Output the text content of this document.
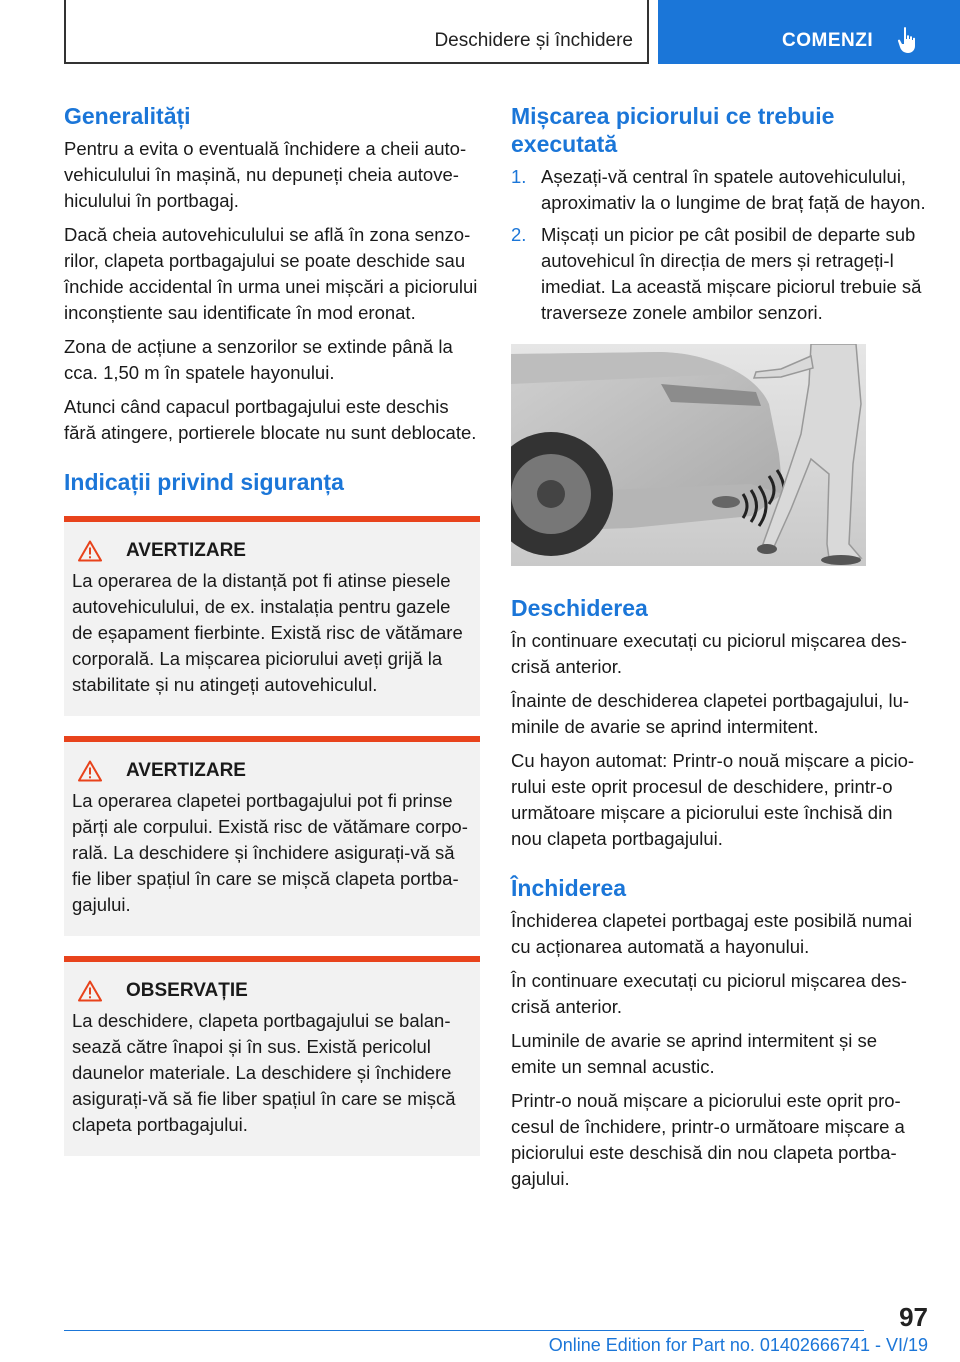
Deschidere și închidere	COMENZI
Generalități

Pentru a evita o eventuală închidere a cheii autovehiculului în mașină, nu depuneți cheia autovehiculului în portbagaj.

Dacă cheia autovehiculului se află în zona senzorilor, clapeta portbagajului se poate deschide sau închide accidental în urma unei mișcări a piciorului inconștiente sau identificate în mod eronat.

Zona de acțiune a senzorilor se extinde până la cca. 1,50 m în spatele hayonului.

Atunci când capacul portbagajului este deschis fără atingere, portierele blocate nu sunt deblocate.

Indicații privind siguranța
AVERTIZARE

La operarea de la distanță pot fi atinse piesele autovehiculului, de ex. instalația pentru gazele de eșapament fierbinte. Există risc de vătămare corporală. La mișcarea piciorului aveți grijă la stabilitate și nu atingeți autovehiculul.

AVERTIZARE

La operarea clapetei portbagajului pot fi prinse părți ale corpului. Există risc de vătămare corporală. La deschidere și închidere asigurați-vă să fie liber spațiul în care se mișcă clapeta portbagajului.

OBSERVAȚIE

La deschidere, clapeta portbagajului se balansează către înapoi și în sus. Există pericolul daunelor materiale. La deschidere și închidere asigurați-vă să fie liber spațiul în care se mișcă clapeta portbagajului.

Mișcarea piciorului ce trebuie executată
1. Așezați-vă central în spatele autovehiculului, aproximativ la o lungime de braț față de hayon.
2. Mișcați un picior pe cât posibil de departe sub autovehicul în direcția de mers și retrageți-l imediat. La această mișcare piciorul trebuie să traverseze zonele ambilor senzori.
Deschiderea

În continuare executați cu piciorul mișcarea descrisă anterior.

Înainte de deschiderea clapetei portbagajului, luminile de avarie se aprind intermitent.

Cu hayon automat: Printr-o nouă mișcare a piciorului este oprit procesul de deschidere, printr-o următoare mișcare a piciorului este închisă din nou clapeta portbagajului.

Închiderea

Închiderea clapetei portbagaj este posibilă numai cu acționarea automată a hayonului.

În continuare executați cu piciorul mișcarea descrisă anterior.

Luminile de avarie se aprind intermitent și se emite un semnal acustic.

Printr-o nouă mișcare a piciorului este oprit procesul de închidere, printr-o următoare mișcare a piciorului este deschisă din nou clapeta portbagajului.

97
Online Edition for Part no. 01402666741 - VI/19
